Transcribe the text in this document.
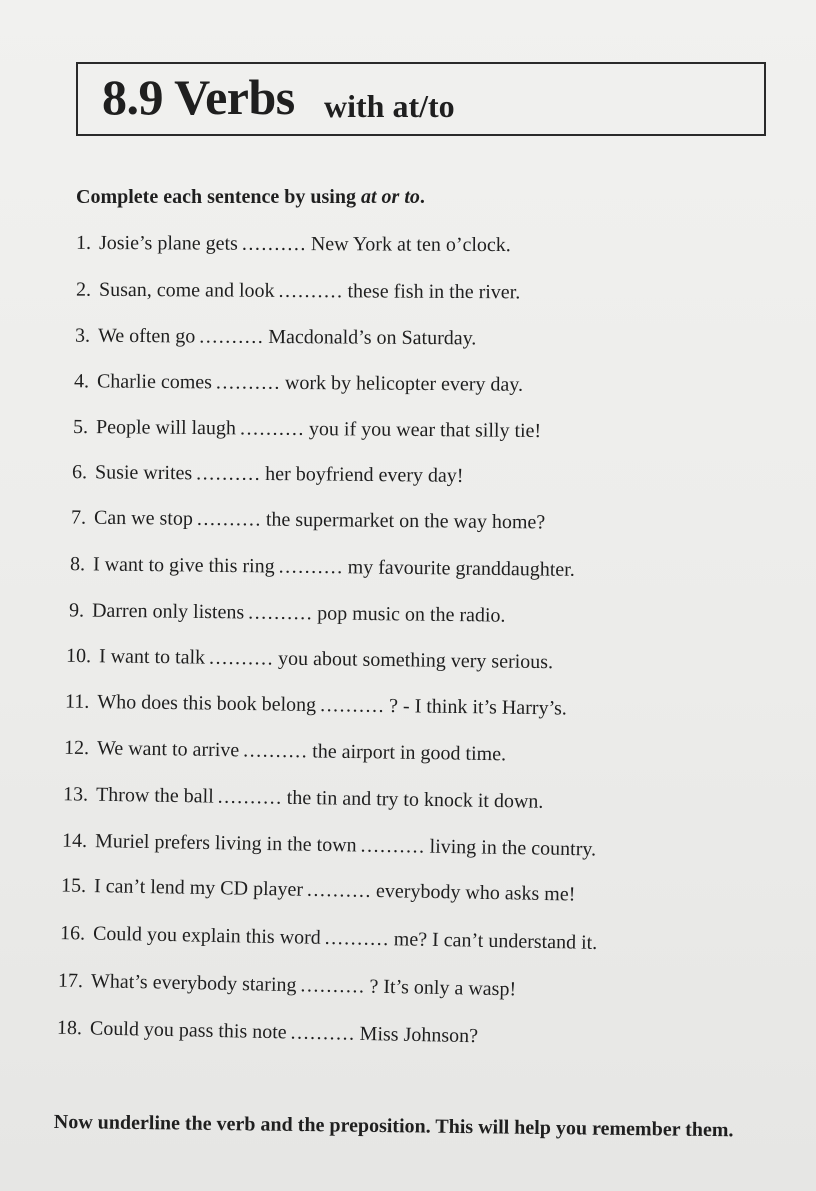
8.9 Verbs with at/to
Complete each sentence by using at or to.
1. Josie’s plane gets .......... New York at ten o’clock.
2. Susan, come and look .......... these fish in the river.
3. We often go .......... Macdonald’s on Saturday.
4. Charlie comes .......... work by helicopter every day.
5. People will laugh .......... you if you wear that silly tie!
6. Susie writes .......... her boyfriend every day!
7. Can we stop .......... the supermarket on the way home?
8. I want to give this ring .......... my favourite granddaughter.
9. Darren only listens .......... pop music on the radio.
10. I want to talk .......... you about something very serious.
11. Who does this book belong .......... ? - I think it’s Harry’s.
12. We want to arrive .......... the airport in good time.
13. Throw the ball .......... the tin and try to knock it down.
14. Muriel prefers living in the town .......... living in the country.
15. I can’t lend my CD player .......... everybody who asks me!
16. Could you explain this word .......... me? I can’t understand it.
17. What’s everybody staring .......... ? It’s only a wasp!
18. Could you pass this note .......... Miss Johnson?
Now underline the verb and the preposition. This will help you remember them.
